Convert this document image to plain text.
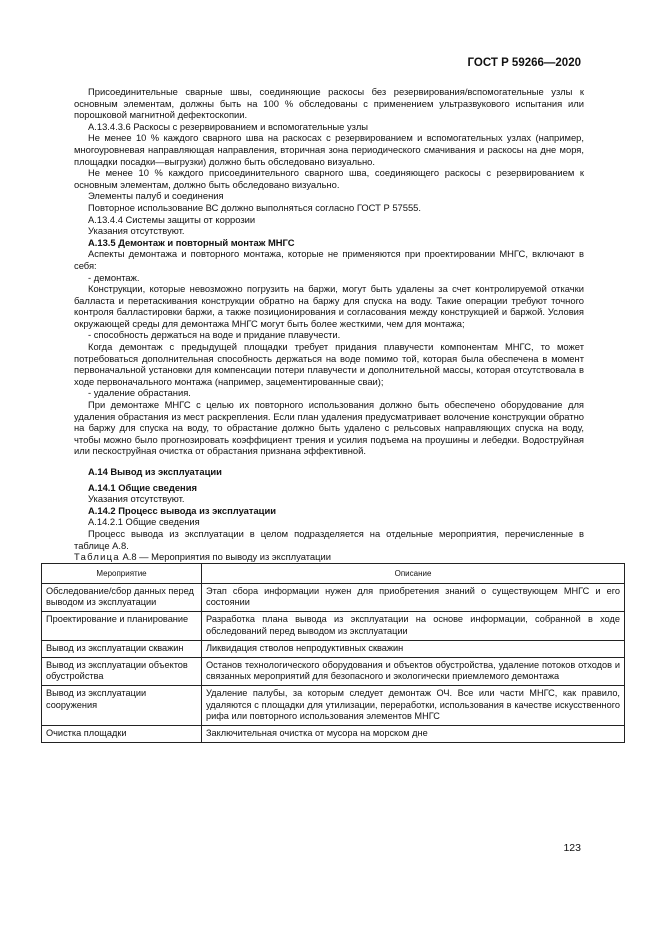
ГОСТ Р 59266—2020

Присоединительные сварные швы, соединяющие раскосы без резервирования/вспомогательные узлы к основным элементам, должны быть на 100 % обследованы с применением ультразвукового испытания или порошковой магнитной дефектоскопии.

А.13.4.3.6 Раскосы с резервированием и вспомогательные узлы

Не менее 10 % каждого сварного шва на раскосах с резервированием и вспомогательных узлах (например, многоуровневая направляющая направления, вторичная зона периодического смачивания и раскосы на дне моря, площадки посадки—выгрузки) должно быть обследовано визуально.

Не менее 10 % каждого присоединительного сварного шва, соединяющего раскосы с резервированием к основным элементам, должно быть обследовано визуально.

Элементы палуб и соединения

Повторное использование ВС должно выполняться согласно ГОСТ Р 57555.

А.13.4.4 Системы защиты от коррозии

Указания отсутствуют.

А.13.5 Демонтаж и повторный монтаж МНГС

Аспекты демонтажа и повторного монтажа, которые не применяются при проектировании МНГС, включают в себя:

- демонтаж.

Конструкции, которые невозможно погрузить на баржи, могут быть удалены за счет контролируемой откачки балласта и перетаскивания конструкции обратно на баржу для спуска на воду. Такие операции требуют точного контроля балластировки баржи, а также позиционирования и согласования между конструкцией и баржой. Условия окружающей среды для демонтажа МНГС могут быть более жесткими, чем для монтажа;

- способность держаться на воде и придание плавучести.

Когда демонтаж с предыдущей площадки требует придания плавучести компонентам МНГС, то может потребоваться дополнительная способность держаться на воде помимо той, которая была обеспечена в момент первоначальной установки для компенсации потери плавучести и дополнительной массы, которая отсутствовала в ходе первоначального монтажа (например, зацементированные сваи);

- удаление обрастания.

При демонтаже МНГС с целью их повторного использования должно быть обеспечено оборудование для удаления обрастания из мест раскрепления. Если план удаления предусматривает волочение конструкции обратно на баржу для спуска на воду, то обрастание должно быть удалено с рельсовых направляющих спуска на воду, чтобы можно было прогнозировать коэффициент трения и усилия подъема на проушины и лебедки. Водоструйная или пескоструйная очистка от обрастания признана эффективной.

А.14 Вывод из эксплуатации

А.14.1 Общие сведения

Указания отсутствуют.

А.14.2 Процесс вывода из эксплуатации

А.14.2.1 Общие сведения

Процесс вывода из эксплуатации в целом подразделяется на отдельные мероприятия, перечисленные в таблице А.8.

Таблица А.8 — Мероприятия по выводу из эксплуатации

Мероприятие	Описание
Обследование/сбор данных перед выводом из эксплуатации	Этап сбора информации нужен для приобретения знаний о существующем МНГС и его состоянии
Проектирование и планирование	Разработка плана вывода из эксплуатации на основе информации, собранной в ходе обследований перед выводом из эксплуатации
Вывод из эксплуатации скважин	Ликвидация стволов непродуктивных скважин
Вывод из эксплуатации объектов обустройства	Останов технологического оборудования и объектов обустройства, удаление потоков отходов и связанных мероприятий для безопасного и экологически приемлемого демонтажа
Вывод из эксплуатации сооружения	Удаление палубы, за которым следует демонтаж ОЧ. Все или части МНГС, как правило, удаляются с площадки для утилизации, переработки, использования в качестве искусственного рифа или повторного использования элементов МНГС
Очистка площадки	Заключительная очистка от мусора на морском дне
123
